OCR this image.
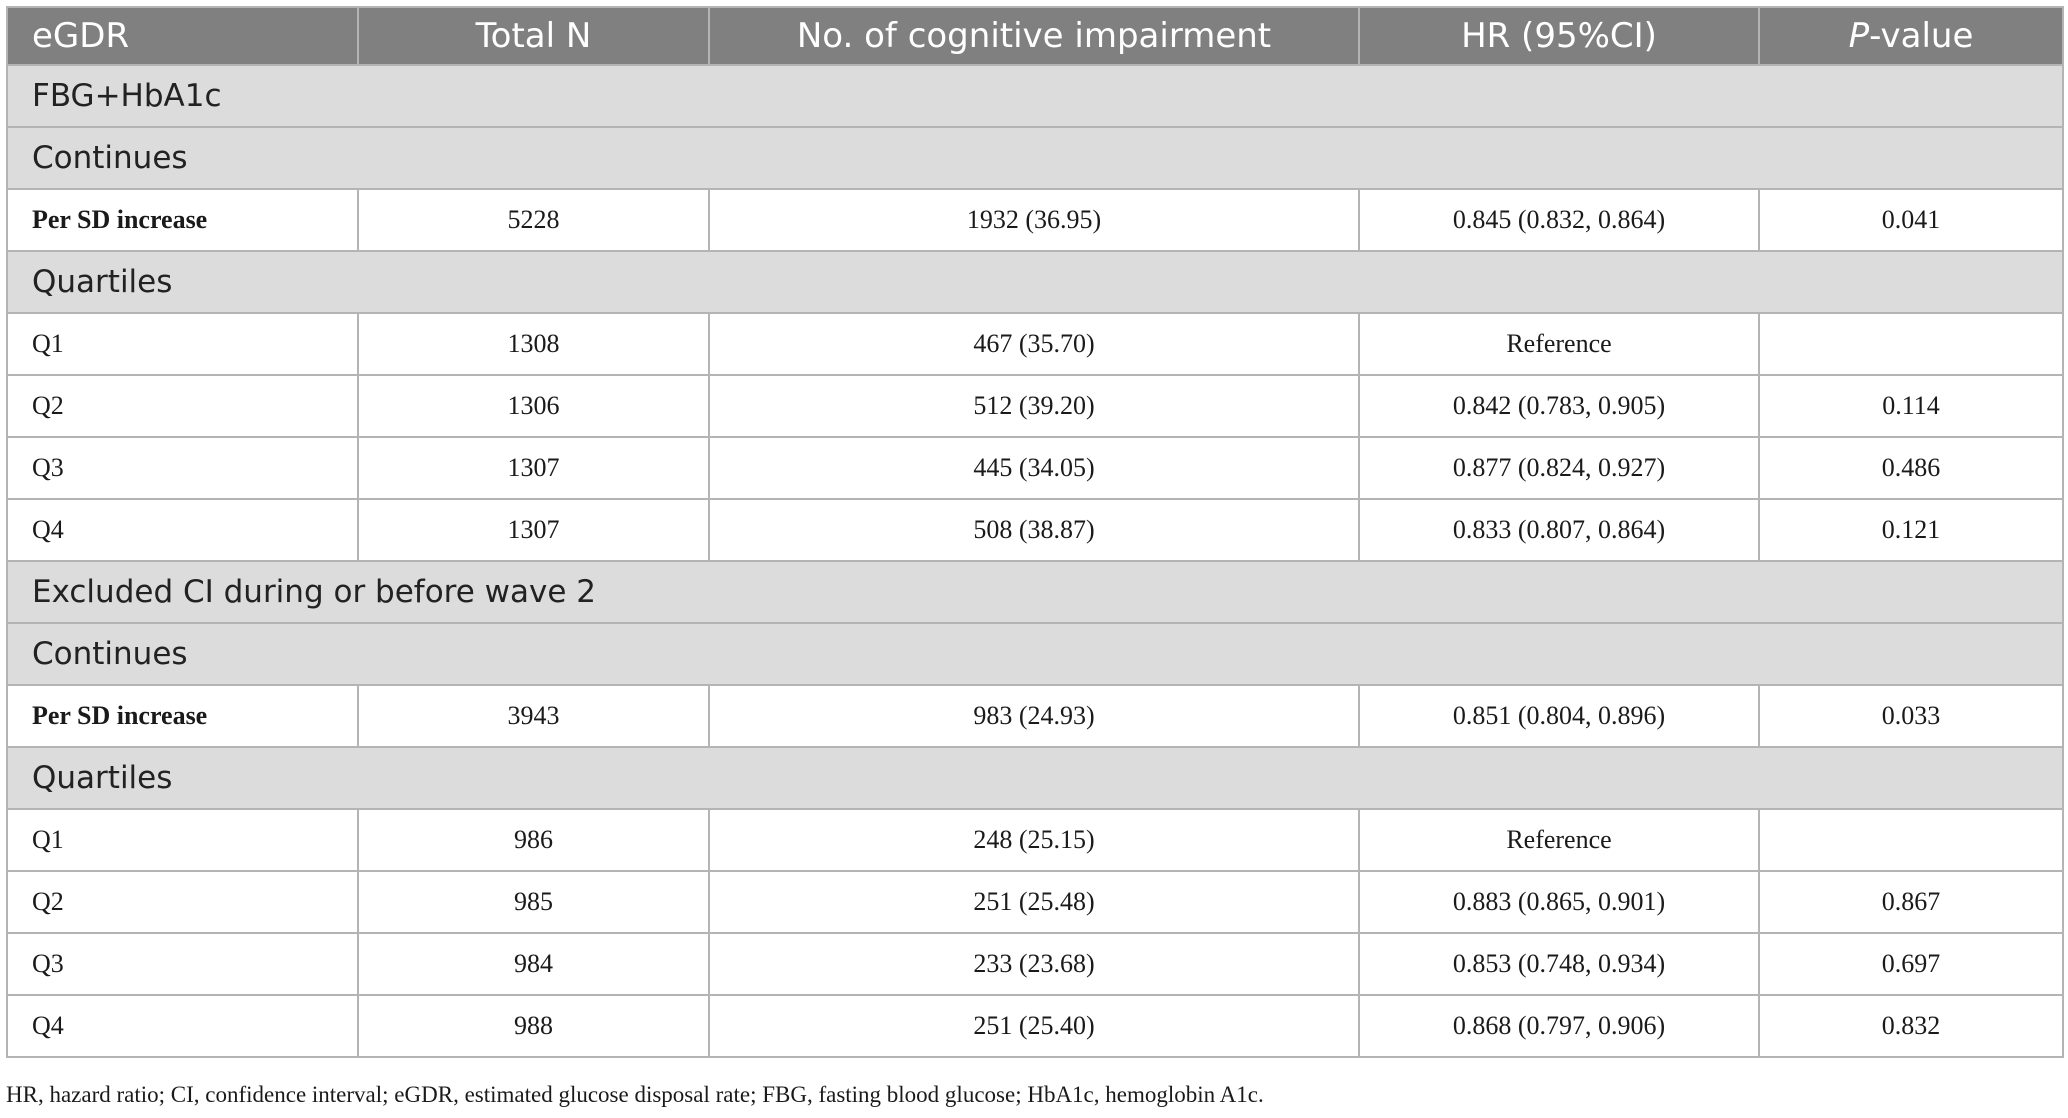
eGDR	Total N	No. of cognitive impairment	HR (95%CI)	P-value
FBG+HbA1c				
Continues				
Per SD increase	5228	1932 (36.95)	0.845 (0.832, 0.864)	0.041
Quartiles				
Q1	1308	467 (35.70)	Reference	
Q2	1306	512 (39.20)	0.842 (0.783, 0.905)	0.114
Q3	1307	445 (34.05)	0.877 (0.824, 0.927)	0.486
Q4	1307	508 (38.87)	0.833 (0.807, 0.864)	0.121
Excluded CI during or before wave 2				
Continues				
Per SD increase	3943	983 (24.93)	0.851 (0.804, 0.896)	0.033
Quartiles				
Q1	986	248 (25.15)	Reference	
Q2	985	251 (25.48)	0.883 (0.865, 0.901)	0.867
Q3	984	233 (23.68)	0.853 (0.748, 0.934)	0.697
Q4	988	251 (25.40)	0.868 (0.797, 0.906)	0.832
HR, hazard ratio; CI, confidence interval; eGDR, estimated glucose disposal rate; FBG, fasting blood glucose; HbA1c, hemoglobin A1c.
